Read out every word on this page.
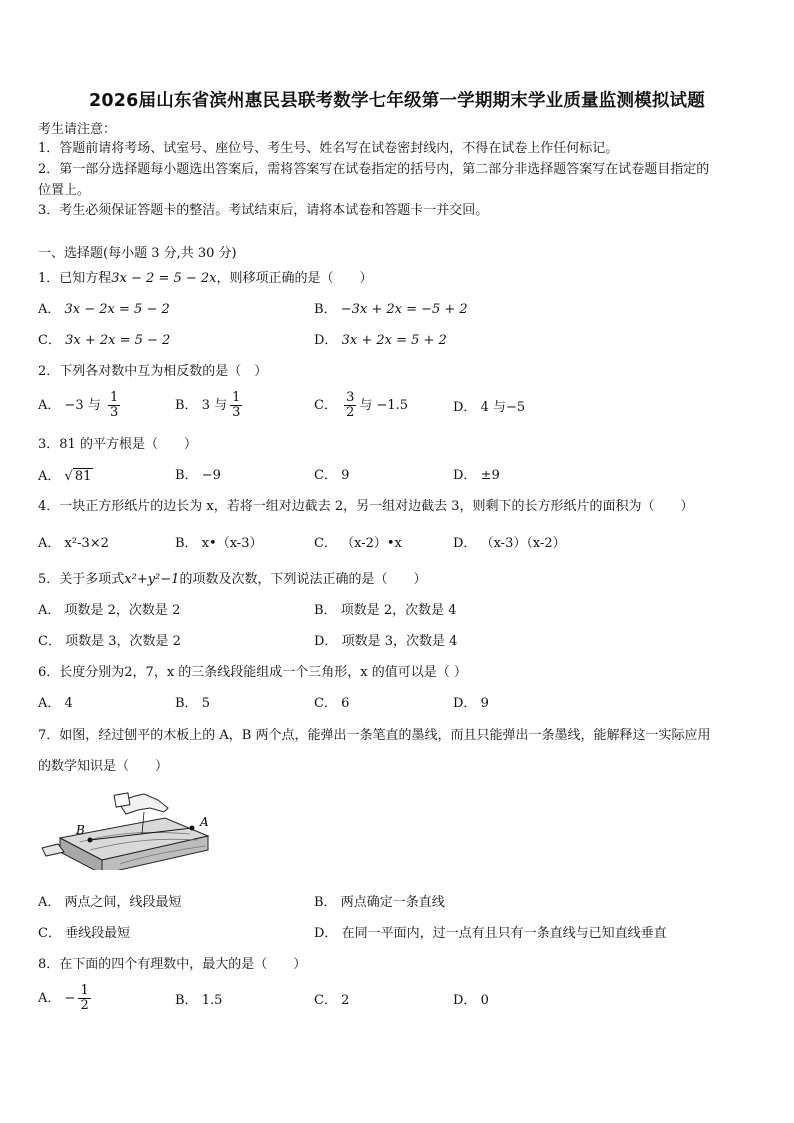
2026届山东省滨州惠民县联考数学七年级第一学期期末学业质量监测模拟试题
考生请注意：
1．答题前请将考场、试室号、座位号、考生号、姓名写在试卷密封线内，不得在试卷上作任何标记。
2．第一部分选择题每小题选出答案后，需将答案写在试卷指定的括号内，第二部分非选择题答案写在试卷题目指定的
位置上。
3．考生必须保证答题卡的整洁。考试结束后，请将本试卷和答题卡一并交回。
一、选择题(每小题 3 分,共 30 分)
1．已知方程3x − 2 = 5 − 2x，则移项正确的是（　　）
A． 3x − 2x = 5 − 2	B． −3x + 2x = −5 + 2
C． 3x + 2x = 5 − 2	D． 3x + 2x = 5 + 2
2．下列各对数中互为相反数的是（　）
A． −3 与 $\frac{1}{3}$	B． 3 与 $\frac{1}{3}$	C． $\frac{3}{2}$ 与 −1.5	D． 4 与−5
3．81 的平方根是（　　）
A． √ 81	B． −9	C． 9	D． ±9
4．一块正方形纸片的边长为 x，若将一组对边截去 2，另一组对边截去 3，则剩下的长方形纸片的面积为（　　）
A． x²-3×2	B． x•（x-3）	C． （x-2）•x	D． （x-3）（x-2）
5．关于多项式x²+y²−1的项数及次数，下列说法正确的是（　　）
A． 项数是 2，次数是 2	B． 项数是 2，次数是 4
C． 项数是 3，次数是 2	D． 项数是 3，次数是 4
6．长度分别为2，7，x 的三条线段能组成一个三角形，x 的值可以是（ ）
A． 4	B． 5	C． 6	D． 9
7．如图，经过刨平的木板上的 A，B 两个点，能弹出一条笔直的墨线，而且只能弹出一条墨线，能解释这一实际应用
的数学知识是（　　）
B
A
A． 两点之间，线段最短	B． 两点确定一条直线
C． 垂线段最短	D． 在同一平面内，过一点有且只有一条直线与已知直线垂直
8．在下面的四个有理数中，最大的是（　　）
A． − $\frac{1}{2}$	B． 1.5	C． 2	D． 0
